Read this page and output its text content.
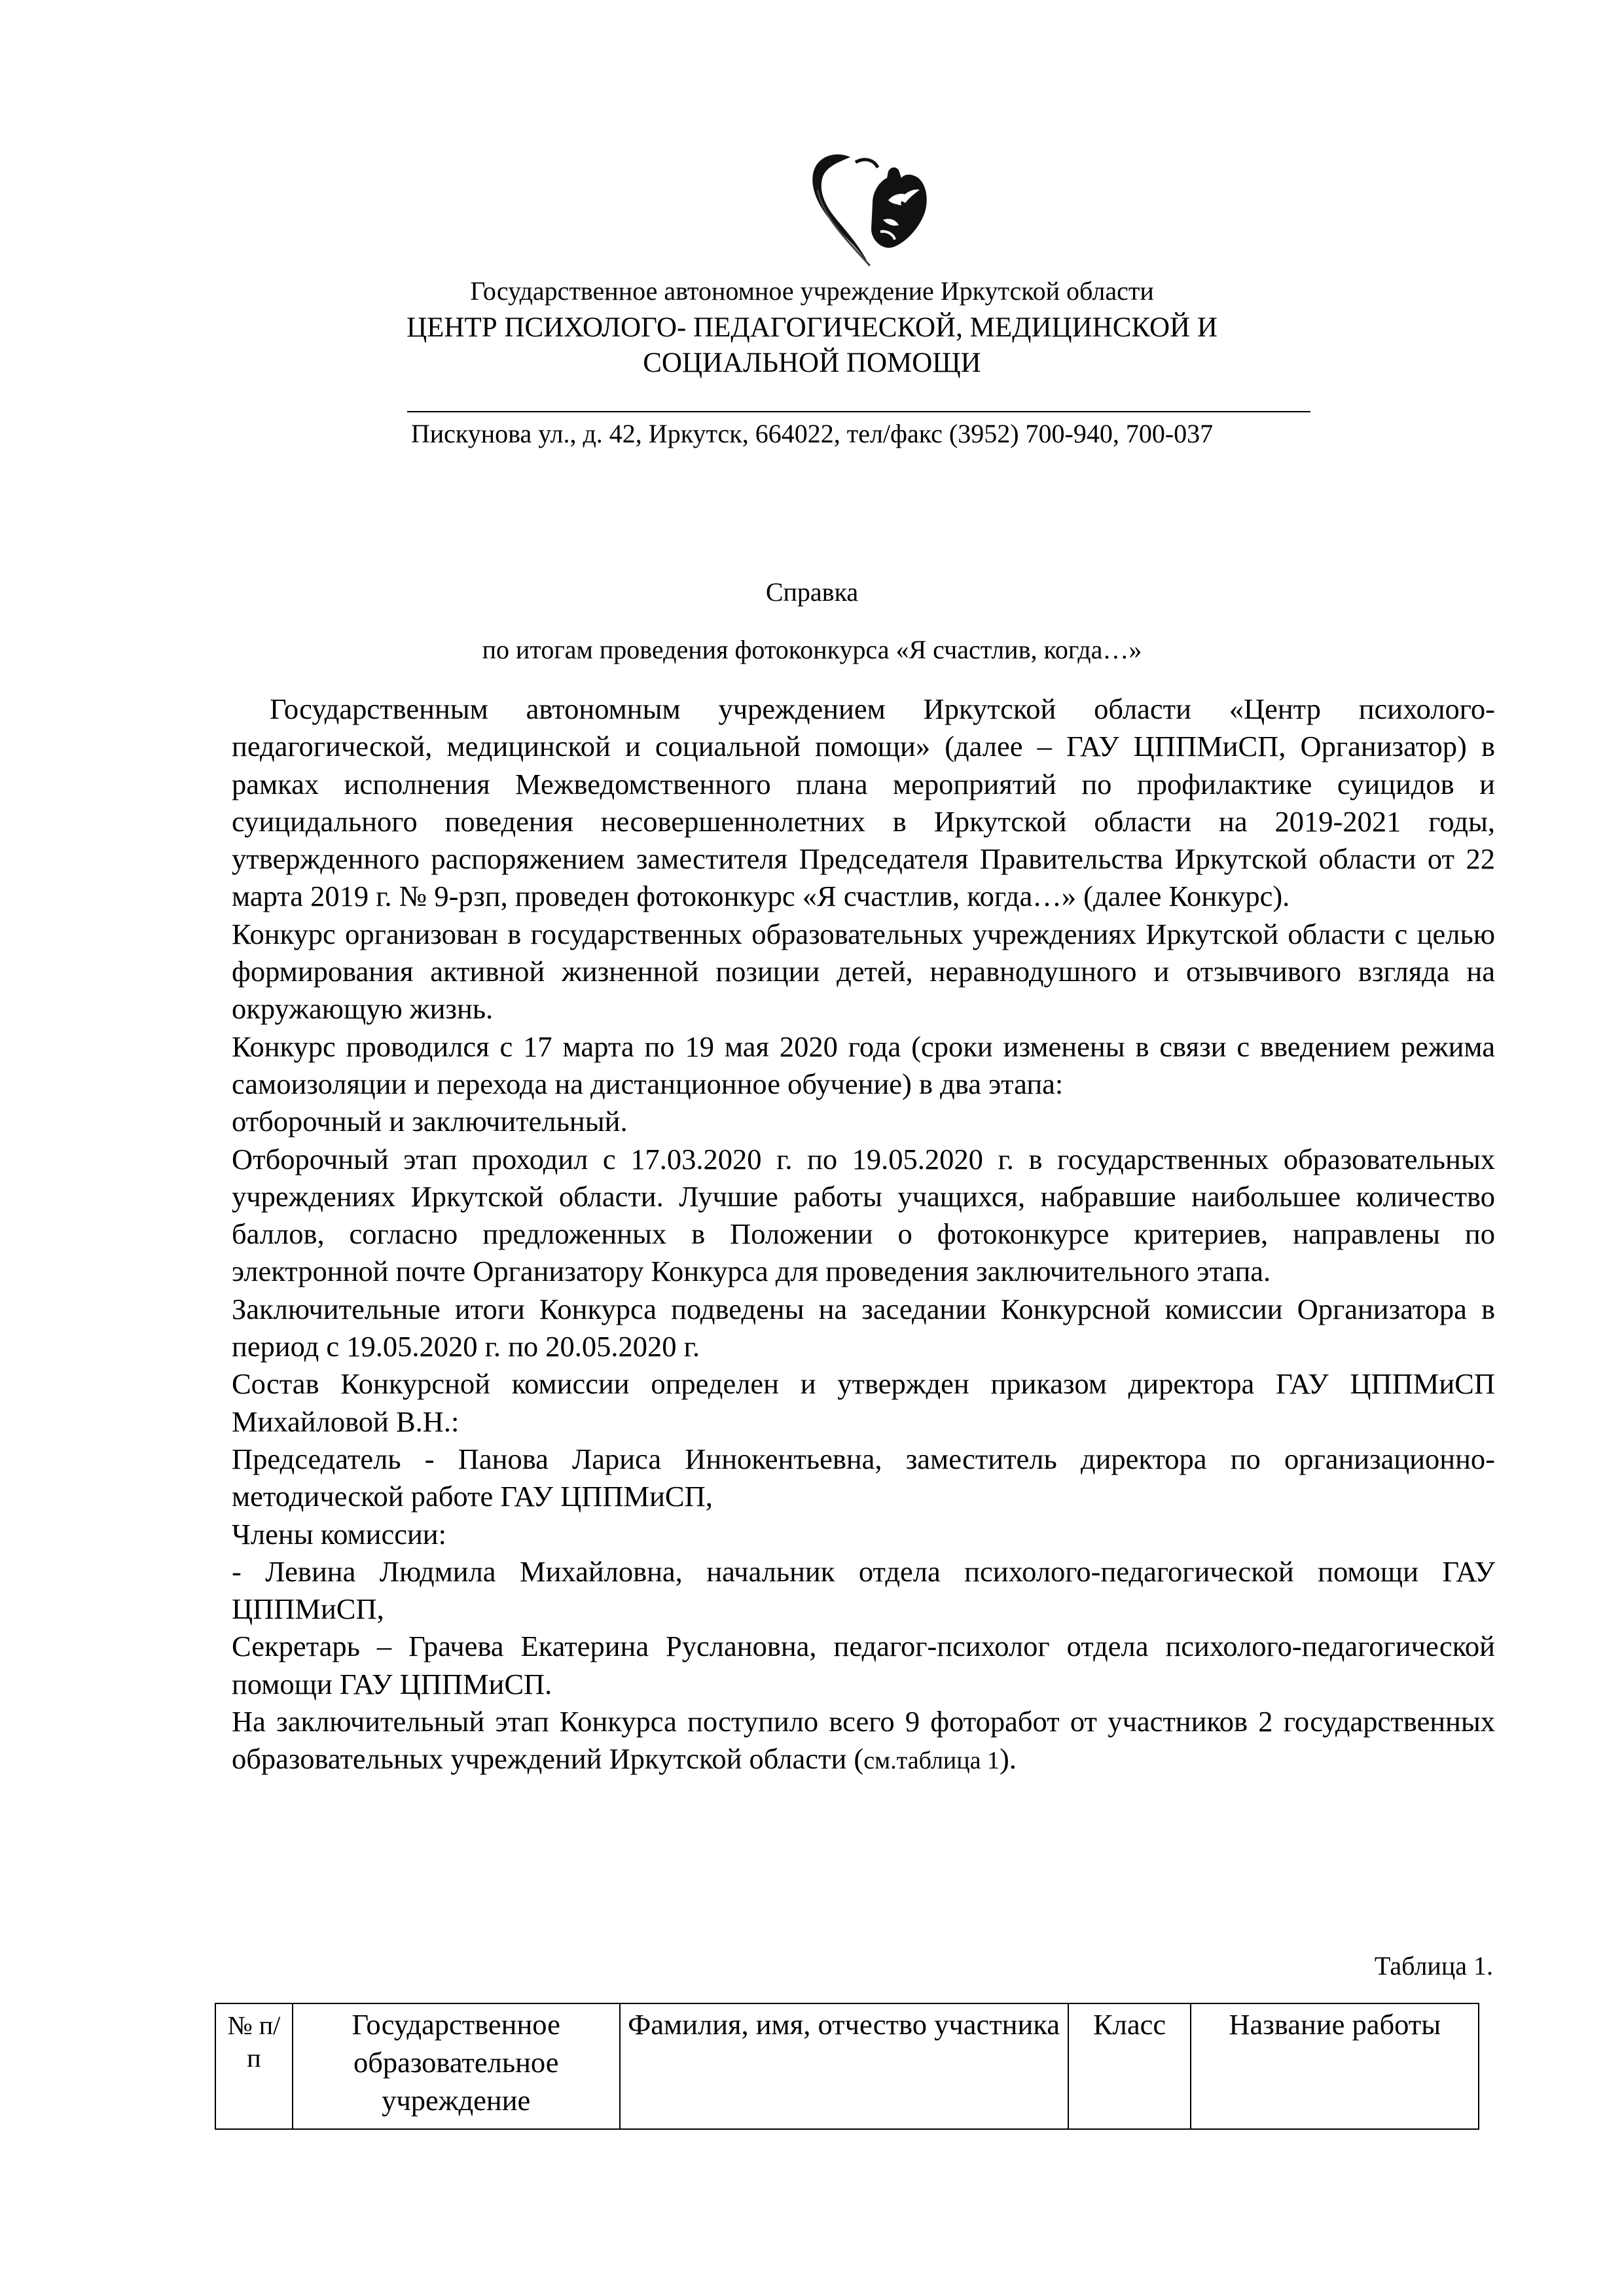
Государственное автономное учреждение Иркутской области
ЦЕНТР ПСИХОЛОГО- ПЕДАГОГИЧЕСКОЙ, МЕДИЦИНСКОЙ И
СОЦИАЛЬНОЙ ПОМОЩИ
Пискунова ул., д. 42, Иркутск, 664022, тел/факс (3952) 700-940, 700-037
Справка
по итогам проведения фотоконкурса «Я счастлив, когда…»

Государственным автономным учреждением Иркутской области «Центр психолого-педагогической, медицинской и социальной помощи» (далее – ГАУ ЦППМиСП, Организатор) в рамках исполнения Межведомственного плана мероприятий по профилактике суицидов и суицидального поведения несовершеннолетних в Иркутской области на 2019-2021 годы, утвержденного распоряжением заместителя Председателя Правительства Иркутской области от 22 марта 2019 г. № 9-рзп, проведен фотоконкурс «Я счастлив, когда…» (далее Конкурс).

Конкурс организован в государственных образовательных учреждениях Иркутской области с целью формирования активной жизненной позиции детей, неравнодушного и отзывчивого взгляда на окружающую жизнь.

Конкурс проводился с 17 марта по 19 мая 2020 года (сроки изменены в связи с введением режима самоизоляции и перехода на дистанционное обучение) в два этапа:

отборочный и заключительный.

Отборочный этап проходил с 17.03.2020 г. по 19.05.2020 г. в государственных образовательных учреждениях Иркутской области. Лучшие работы учащихся, набравшие наибольшее количество баллов, согласно предложенных в Положении о фотоконкурсе критериев, направлены по электронной почте Организатору Конкурса для проведения заключительного этапа.

Заключительные итоги Конкурса подведены на заседании Конкурсной комиссии Организатора в период с 19.05.2020 г. по 20.05.2020 г.

Состав Конкурсной комиссии определен и утвержден приказом директора ГАУ ЦППМиСП Михайловой В.Н.:

Председатель - Панова Лариса Иннокентьевна, заместитель директора по организационно-методической работе ГАУ ЦППМиСП,

Члены комиссии:

- Левина Людмила Михайловна, начальник отдела психолого-педагогической помощи ГАУ ЦППМиСП,

Секретарь – Грачева Екатерина Руслановна, педагог-психолог отдела психолого-педагогической помощи ГАУ ЦППМиСП.

На заключительный этап Конкурса поступило всего 9 фоторабот от участников 2 государственных образовательных учреждений Иркутской области (см.таблица 1).

Таблица 1.
№ п/п	Государственное образовательное учреждение	Фамилия, имя, отчество участника	Класс	Название работы
